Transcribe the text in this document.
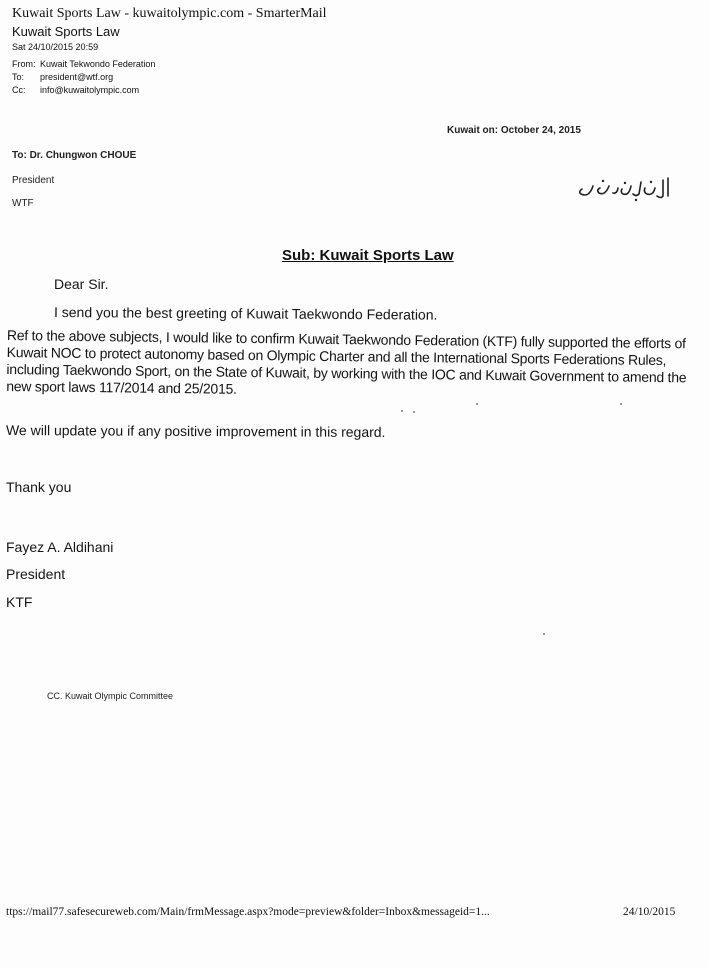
Kuwait Sports Law - kuwaitolympic.com - SmarterMail
Kuwait Sports Law
Sat 24/10/2015 20:59
From: Kuwait Tekwondo Federation
To: president@wtf.org
Cc: info@kuwaitolympic.com
Kuwait on: October 24, 2015
To: Dr. Chungwon CHOUE
President
WTF
Sub: Kuwait Sports Law
Dear Sir.
I send you the best greeting of Kuwait Taekwondo Federation.
Ref to the above subjects, I would like to confirm Kuwait Taekwondo Federation (KTF) fully supported the efforts of Kuwait NOC to protect autonomy based on Olympic Charter and all the International Sports Federations Rules, including Taekwondo Sport, on the State of Kuwait, by working with the IOC and Kuwait Government to amend the new sport laws 117/2014 and 25/2015.
We will update you if any positive improvement in this regard.
Thank you
Fayez A. Aldihani
President
KTF
CC. Kuwait Olympic Committee
ttps://mail77.safesecureweb.com/Main/frmMessage.aspx?mode=preview&folder=Inbox&messageid=1...	24/10/2015
